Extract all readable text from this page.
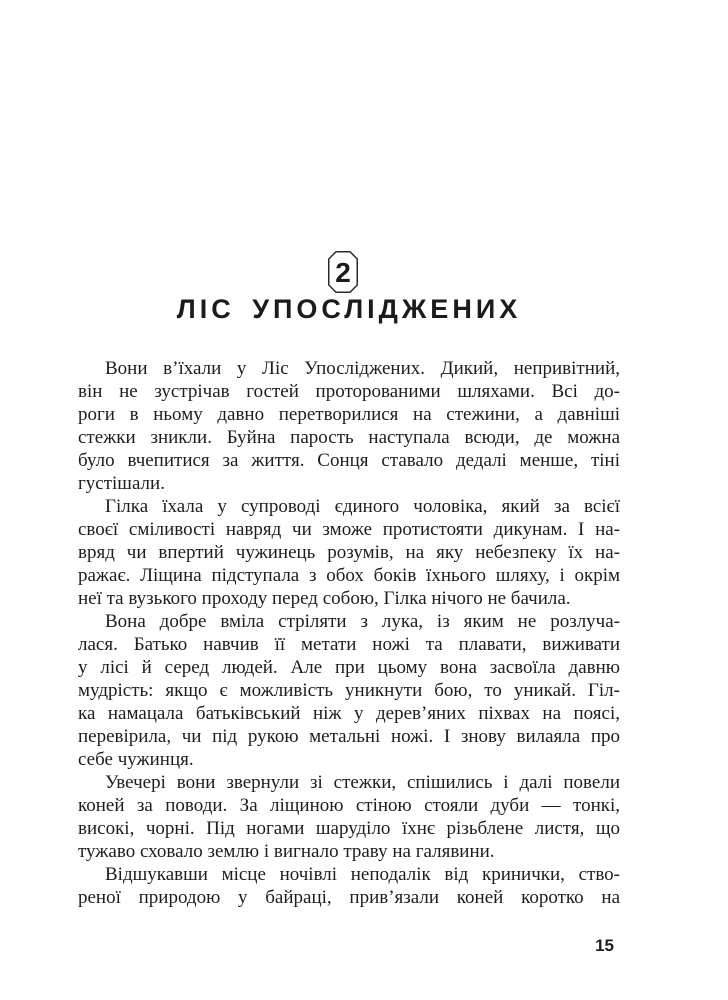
2
ЛІС УПОСЛІДЖЕНИХ
Вони в’їхали у Ліс Упосліджених. Дикий, непривітний,
він не зустрічав гостей проторованими шляхами. Всі до-
роги в ньому давно перетворилися на стежини, а давніші
стежки зникли. Буйна парость наступала всюди, де можна
було вчепитися за життя. Сонця ставало дедалі менше, тіні
густішали.
Гілка їхала у супроводі єдиного чоловіка, який за всієї
своєї сміливості навряд чи зможе протистояти дикунам. І на-
вряд чи впертий чужинець розумів, на яку небезпеку їх на-
ражає. Ліщина підступала з обох боків їхнього шляху, і окрім
неї та вузького проходу перед собою, Гілка нічого не бачила.
Вона добре вміла стріляти з лука, із яким не розлуча-
лася. Батько навчив її метати ножі та плавати, виживати
у лісі й серед людей. Але при цьому вона засвоїла давню
мудрість: якщо є можливість уникнути бою, то уникай. Гіл-
ка намацала батьківський ніж у дерев’яних піхвах на поясі,
перевірила, чи під рукою метальні ножі. І знову вилаяла про
себе чужинця.
Увечері вони звернули зі стежки, спішились і далі повели
коней за поводи. За ліщиною стіною стояли дуби — тонкі,
високі, чорні. Під ногами шаруділо їхнє різьблене листя, що
тужаво сховало землю і вигнало траву на галявини.
Відшукавши місце ночівлі неподалік від кринички, ство-
реної природою у байраці, прив’язали коней коротко на
15
